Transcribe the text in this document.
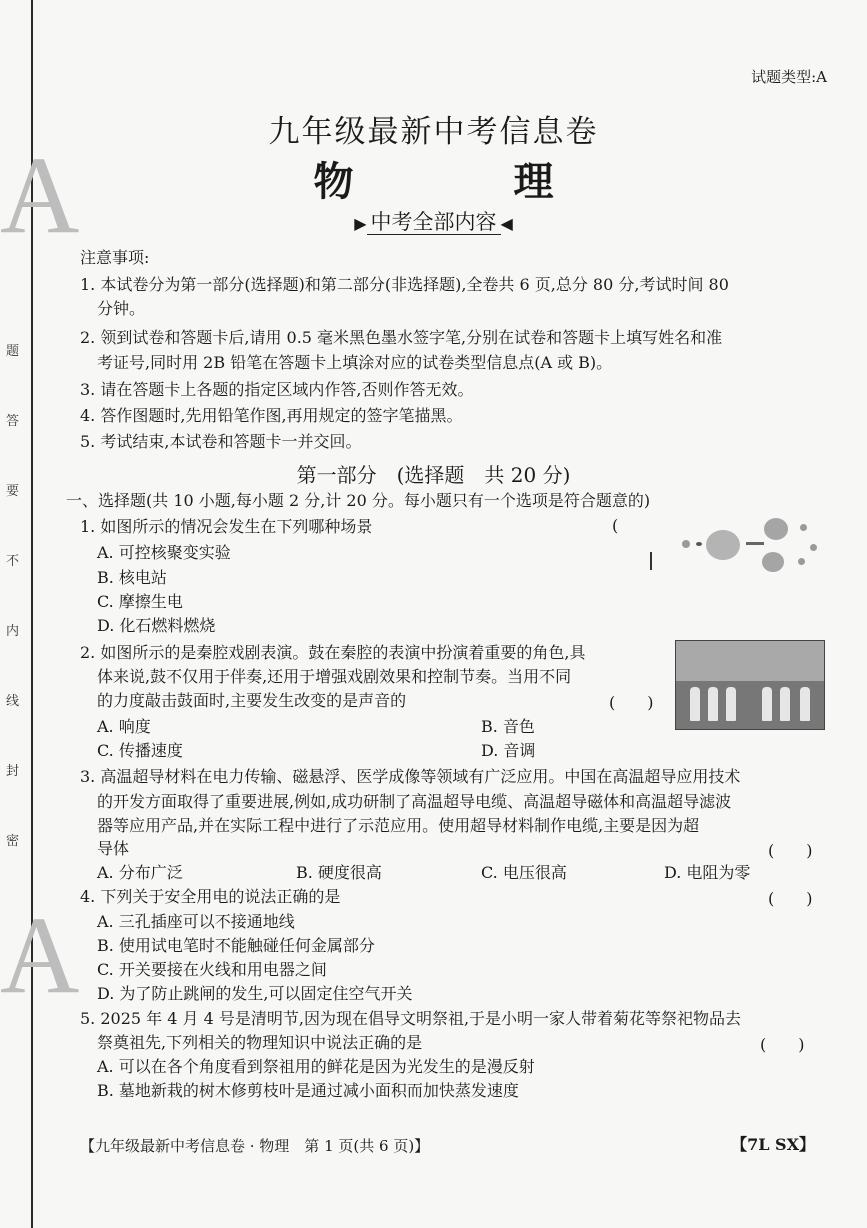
A
A
题
答
要
不
内
线
封
密
试题类型:A
九年级最新中考信息卷
物　理
▶ 中考全部内容 ◀
注意事项:
1. 本试卷分为第一部分(选择题)和第二部分(非选择题),全卷共 6 页,总分 80 分,考试时间 80
分钟。
2. 领到试卷和答题卡后,请用 0.5 毫米黑色墨水签字笔,分别在试卷和答题卡上填写姓名和准
考证号,同时用 2B 铅笔在答题卡上填涂对应的试卷类型信息点(A 或 B)。
3. 请在答题卡上各题的指定区域内作答,否则作答无效。
4. 答作图题时,先用铅笔作图,再用规定的签字笔描黑。
5. 考试结束,本试卷和答题卡一并交回。
第一部分　(选择题　共 20 分)
一、选择题(共 10 小题,每小题 2 分,计 20 分。每小题只有一个选项是符合题意的)
1. 如图所示的情况会发生在下列哪种场景	(
A. 可控核聚变实验
B. 核电站
C. 摩擦生电
D. 化石燃料燃烧
2. 如图所示的是秦腔戏剧表演。鼓在秦腔的表演中扮演着重要的角色,具
体来说,鼓不仅用于伴奏,还用于增强戏剧效果和控制节奏。当用不同
的力度敲击鼓面时,主要发生改变的是声音的	(　　)
A. 响度	B. 音色
C. 传播速度	D. 音调
3. 高温超导材料在电力传输、磁悬浮、医学成像等领域有广泛应用。中国在高温超导应用技术
的开发方面取得了重要进展,例如,成功研制了高温超导电缆、高温超导磁体和高温超导滤波
器等应用产品,并在实际工程中进行了示范应用。使用超导材料制作电缆,主要是因为超
导体	(　　)
A. 分布广泛	B. 硬度很高	C. 电压很高	D. 电阻为零
4. 下列关于安全用电的说法正确的是	(　　)
A. 三孔插座可以不接通地线
B. 使用试电笔时不能触碰任何金属部分
C. 开关要接在火线和用电器之间
D. 为了防止跳闸的发生,可以固定住空气开关
5. 2025 年 4 月 4 号是清明节,因为现在倡导文明祭祖,于是小明一家人带着菊花等祭祀物品去
祭奠祖先,下列相关的物理知识中说法正确的是	(　　)
A. 可以在各个角度看到祭祖用的鲜花是因为光发生的是漫反射
B. 墓地新栽的树木修剪枝叶是通过减小面积而加快蒸发速度
【九年级最新中考信息卷 · 物理　第 1 页(共 6 页)】	【7L SX】
